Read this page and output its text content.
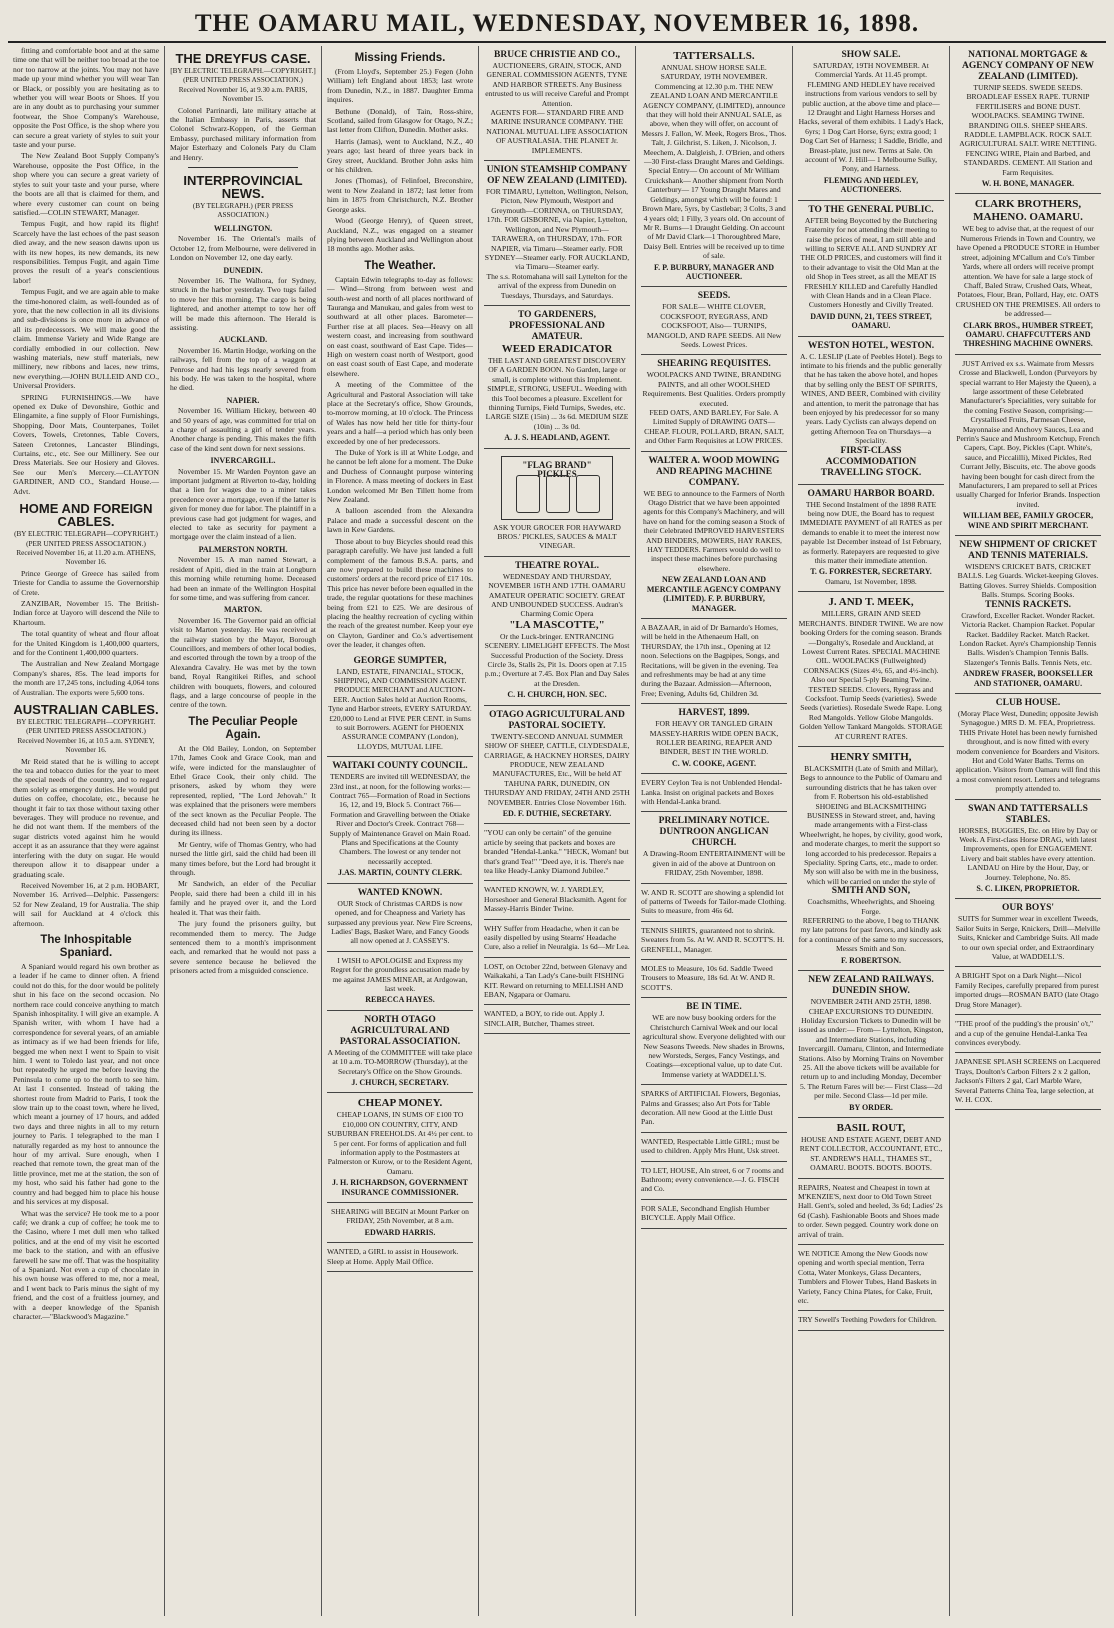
THE OAMARU MAIL, WEDNESDAY, NOVEMBER 16, 1898.

fitting and comfortable boot and at the same time one that will be neither too broad at the toe nor too narrow at the joints. You may not have made up your mind whether you will wear Tan or Black, or possibly you are hesitating as to whether you will wear Boots or Shoes. If you are in any doubt as to purchasing your summer footwear, the Shoe Company's Warehouse, opposite the Post Office, is the shop where you can secure a great variety of styles to suit your taste and your purse.

The New Zealand Boot Supply Company's Warehouse, opposite the Post Office, in the shop where you can secure a great variety of styles to suit your taste and your purse, where the boots are all that is claimed for them, and where every customer can count on being satisfied.—COLIN STEWART, Manager.

Tempus Fugit, and how rapid its flight! Scarcely have the last echoes of the past season died away, and the new season dawns upon us with its new hopes, its new demands, its new responsibilities. Tempus Fugit, and again Time proves the result of a year's conscientious labor!

Tempus Fugit, and we are again able to make the time-honored claim, as well-founded as of yore, that the new collection in all its divisions and sub-divisions is once more in advance of all its predecessors. We will make good the claim. Immense Variety and Wide Range are cordially embodied in our collection. New washing materials, new stuff materials, new millinery, new ribbons and laces, new trims, new everything.—JOHN BULLEID AND CO., Universal Providers.

SPRING FURNISHINGS.—We have opened ex Duke of Devonshire, Gothic and Elingamite, a fine supply of Floor Furnishings, Shopping, Door Mats, Counterpanes, Toilet Covers, Towels, Cretonnes, Table Covers, Sateen Cretonnes, Lancaster Blindings, Curtains, etc., etc. See our Millinery. See our Dress Materials. See our Hosiery and Gloves. See our Men's Mercery.—CLAYTON GARDINER, AND CO., Standard House.—Advt.

HOME AND FOREIGN CABLES.
(BY ELECTRIC TELEGRAPH—COPYRIGHT.) (PER UNITED PRESS ASSOCIATION.) Received November 16, at 11.20 a.m. ATHENS, November 16.

Prince George of Greece has sailed from Trieste for Candia to assume the Governorship of Crete.

ZANZIBAR, November 15. The British-Indian force at Uayoro will descend the Nile to Khartoum.

The total quantity of wheat and flour afloat for the United Kingdom is 1,400,000 quarters, and for the Continent 1,400,000 quarters.

The Australian and New Zealand Mortgage Company's shares, 85s. The lead imports for the month are 17,245 tons, including 4,064 tons of Australian. The exports were 5,600 tons.

AUSTRALIAN CABLES.
BY ELECTRIC TELEGRAPH—COPYRIGHT. (PER UNITED PRESS ASSOCIATION.) Received November 16, at 10.5 a.m. SYDNEY, November 16.

Mr Reid stated that he is willing to accept the tea and tobacco duties for the year to meet the special needs of the country, and to regard them solely as emergency duties. He would put duties on coffee, chocolate, etc., because he thought it fair to tax those without taxing other beverages. They will produce no revenue, and he did not want them. If the members of the sugar districts voted against him he would accept it as an assurance that they were against interfering with the duty on sugar. He would thereupon allow it to disappear under a graduating scale.

Received November 16, at 2 p.m. HOBART, November 16. Arrived—Delphic. Passengers: 52 for New Zealand, 19 for Australia. The ship will sail for Auckland at 4 o'clock this afternoon.

The Inhospitable Spaniard.

A Spaniard would regard his own brother as a leader if he came to dinner often. A friend could not do this, for the door would be politely shut in his face on the second occasion. No northern race could conceive anything to match Spanish inhospitality. I will give an example. A Spanish writer, with whom I have had a correspondence for several years, of an amiable as intimacy as if we had been friends for life, begged me when next I went to Spain to visit him. I went to Toledo last year, and not once but repeatedly he urged me before leaving the Peninsula to come up to the north to see him. At last I consented. Instead of taking the shortest route from Madrid to Paris, I took the slow train up to the coast town, where he lived, which meant a journey of 17 hours, and added two days and three nights in all to my return journey to Paris. I telegraphed to the man I naturally regarded as my host to announce the hour of my arrival. Sure enough, when I reached that remote town, the great man of the little province, met me at the station, the son of my host, who said his father had gone to the country and had begged him to place his house and his services at my disposal.

What was the service? He took me to a poor café; we drank a cup of coffee; he took me to the Casino, where I met dull men who talked politics, and at the end of my visit he escorted me back to the station, and with an effusive farewell he saw me off. That was the hospitality of a Spaniard. Not even a cup of chocolate in his own house was offered to me, nor a meal, and I went back to Paris minus the sight of my friend, and the cost of a fruitless journey, and with a deeper knowledge of the Spanish character.—"Blackwood's Magazine."

THE DREYFUS CASE.
[BY ELECTRIC TELEGRAPH.—COPYRIGHT.] (PER UNITED PRESS ASSOCIATION.) Received November 16, at 9.30 a.m. PARIS, November 15.

Colonel Parrinardi, late military attache at the Italian Embassy in Paris, asserts that Colonel Schwarz-Koppen, of the German Embassy, purchased military information from Major Esterhazy and Colonels Paty du Clam and Henry.

INTERPROVINCIAL NEWS.
(BY TELEGRAPH.) (PER PRESS ASSOCIATION.)
WELLINGTON.

November 16. The Oriental's mails of October 12, from Melbourne, were delivered in London on November 12, one day early.

DUNEDIN.

November 16. The Walhora, for Sydney, struck in the harbor yesterday. Two tugs failed to move her this morning. The cargo is being lightered, and another attempt to tow her off will be made this afternoon. The Herald is assisting.

AUCKLAND.

November 16. Martin Hodge, working on the railways, fell from the top of a waggon at Penrose and had his legs nearly severed from his body. He was taken to the hospital, where he died.

NAPIER.

November 16. William Hickey, between 40 and 50 years of age, was committed for trial on a charge of assaulting a girl of tender years. Another charge is pending. This makes the fifth case of the kind sent down for next sessions.

INVERCARGILL.

November 15. Mr Warden Poynton gave an important judgment at Riverton to-day, holding that a lien for wages due to a miner takes precedence over a mortgage, even if the latter is given for money due for labor. The plaintiff in a previous case had got judgment for wages, and elected to take as security for payment a mortgage over the claim instead of a lien.

PALMERSTON NORTH.

November 15. A man named Stewart, a resident of Apiti, died in the train at Longburn this morning while returning home. Deceased had been an inmate of the Wellington Hospital for some time, and was suffering from cancer.

MARTON.

November 16. The Governor paid an official visit to Marton yesterday. He was received at the railway station by the Mayor, Borough Councillors, and members of other local bodies, and escorted through the town by a troop of the Alexandra Cavalry. He was met by the town band, Royal Rangitikei Rifles, and school children with bouquets, flowers, and coloured flags, and a large concourse of people in the centre of the town.

The Peculiar People Again.

At the Old Bailey, London, on September 17th, James Cook and Grace Cook, man and wife, were indicted for the manslaughter of Ethel Grace Cook, their only child. The prisoners, asked by whom they were represented, replied, "The Lord Jehovah." It was explained that the prisoners were members of the sect known as the Peculiar People. The deceased child had not been seen by a doctor during its illness.

Mr Gentry, wife of Thomas Gentry, who had nursed the little girl, said the child had been ill many times before, but the Lord had brought it through.

Mr Sandwich, an elder of the Peculiar People, said there had been a child ill in his family and he prayed over it, and the Lord healed it. That was their faith.

The jury found the prisoners guilty, but recommended them to mercy. The Judge sentenced them to a month's imprisonment each, and remarked that he would not pass a severe sentence because he believed the prisoners acted from a misguided conscience.

Missing Friends.

(From Lloyd's, September 25.) Fegen (John William) left England about 1853; last wrote from Dunedin, N.Z., in 1887. Daughter Emma inquires.

Bethune (Donald), of Tain, Ross-shire, Scotland, sailed from Glasgow for Otago, N.Z.; last letter from Clifton, Dunedin. Mother asks.

Harris (Jamas), went to Auckland, N.Z., 40 years ago; last heard of three years back in Grey street, Auckland. Brother John asks him or his children.

Jones (Thomas), of Felinfoel, Breconshire, went to New Zealand in 1872; last letter from him in 1875 from Christchurch, N.Z. Brother George asks.

Wood (George Henry), of Queen street, Auckland, N.Z., was engaged on a steamer plying between Auckland and Wellington about 18 months ago. Mother asks.

The Weather.

Captain Edwin telegraphs to-day as follows:— Wind—Strong from between west and south-west and north of all places northward of Tauranga and Manukau, and gales from west to southward at all other places. Barometer—Further rise at all places. Sea—Heavy on all western coast, and increasing from southward on east coast, southward of East Cape. Tides—High on western coast north of Westport, good on east coast south of East Cape, and moderate elsewhere.

A meeting of the Committee of the Agricultural and Pastoral Association will take place at the Secretary's office, Show Grounds, to-morrow morning, at 10 o'clock. The Princess of Wales has now held her title for thirty-four years and a half—a period which has only been exceeded by one of her predecessors.

The Duke of York is ill at White Lodge, and he cannot be left alone for a moment. The Duke and Duchess of Connaught purpose wintering in Florence. A mass meeting of dockers in East London welcomed Mr Ben Tillett home from New Zealand.

A balloon ascended from the Alexandra Palace and made a successful descent on the lawn in Kew Gardens.

Those about to buy Bicycles should read this paragraph carefully. We have just landed a full complement of the famous B.S.A. parts, and are now prepared to build these machines to customers' orders at the record price of £17 10s. This price has never before been equalled in the trade, the regular quotations for these machines being from £21 to £25. We are desirous of placing the healthy recreation of cycling within the reach of the greatest number. Keep your eye on Clayton, Gardiner and Co.'s advertisement over the leader, it changes often.

GEORGE SUMPTER,
LAND, ESTATE, FINANCIAL, STOCK, SHIPPING, AND COMMISSION AGENT. PRODUCE MERCHANT and AUCTION-EER. Auction Sales held at Auction Rooms, Tyne and Harbor streets, EVERY SATURDAY. £20,000 to Lend at FIVE PER CENT. in Sums to suit Borrowers. AGENT for PHOENIX ASSURANCE COMPANY (London), LLOYDS, MUTUAL LIFE.
WAITAKI COUNTY COUNCIL.
TENDERS are invited till WEDNESDAY, the 23rd inst., at noon, for the following works:— Contract 765—Formation of Road in Sections 16, 12, and 19, Block 5. Contract 766—Formation and Gravelling between the Otiake River and Doctor's Creek. Contract 768—Supply of Maintenance Gravel on Main Road. Plans and Specifications at the County Chambers. The lowest or any tender not necessarily accepted.
J.AS. MARTIN, COUNTY CLERK.
WANTED KNOWN.
OUR Stock of Christmas CARDS is now opened, and for Cheapness and Variety has surpassed any previous year. New Fire Screens, Ladies' Bags, Basket Ware, and Fancy Goods all now opened at J. CASSEY'S.
I WISH to APOLOGISE and Express my Regret for the groundless accusation made by me against JAMES MINEAR, at Ardgowan, last week.
REBECCA HAYES.
NORTH OTAGO AGRICULTURAL AND PASTORAL ASSOCIATION.
A Meeting of the COMMITTEE will take place at 10 a.m. TO-MORROW (Thursday), at the Secretary's Office on the Show Grounds.
J. CHURCH, SECRETARY.
CHEAP MONEY.
CHEAP LOANS, IN SUMS OF £100 TO £10,000 ON COUNTRY, CITY, AND SUBURBAN FREEHOLDS. At 4½ per cent. to 5 per cent. For forms of application and full information apply to the Postmasters at Palmerston or Kurow, or to the Resident Agent, Oamaru.
J. H. RICHARDSON, GOVERNMENT INSURANCE COMMISSIONER.
SHEARING will BEGIN at Mount Parker on FRIDAY, 25th November, at 8 a.m.
EDWARD HARRIS.
WANTED, a GIRL to assist in Housework. Sleep at Home. Apply Mail Office.
BRUCE CHRISTIE AND CO.,
AUCTIONEERS, GRAIN, STOCK, AND GENERAL COMMISSION AGENTS, TYNE AND HARBOR STREETS. Any Business entrusted to us will receive Careful and Prompt Attention.
AGENTS FOR— STANDARD FIRE AND MARINE INSURANCE COMPANY. THE NATIONAL MUTUAL LIFE ASSOCIATION OF AUSTRALASIA. THE PLANET Jr. IMPLEMENTS.
UNION STEAMSHIP COMPANY OF NEW ZEALAND (LIMITED).
FOR TIMARU, Lyttelton, Wellington, Nelson, Picton, New Plymouth, Westport and Greymouth—CORINNA, on THURSDAY, 17th. FOR GISBORNE, via Napier, Lyttelton, Wellington, and New Plymouth—TARAWERA, on THURSDAY, 17th. FOR NAPIER, via Timaru—Steamer early. FOR SYDNEY—Steamer early. FOR AUCKLAND, via Timaru—Steamer early.
The s.s. Rotomahana will sail Lyttelton for the arrival of the express from Dunedin on Tuesdays, Thursdays, and Saturdays.
TO GARDENERS, PROFESSIONAL AND AMATEUR.
WEED ERADICATOR
THE LAST AND GREATEST DISCOVERY OF A GARDEN BOON. No Garden, large or small, is complete without this Implement. SIMPLE, STRONG, USEFUL. Weeding with this Tool becomes a pleasure. Excellent for thinning Turnips, Field Turnips, Swedes, etc. LARGE SIZE (15in) ... 3s 6d. MEDIUM SIZE (10in) ... 3s 0d.
A. J. S. HEADLAND, AGENT.
"FLAG BRAND" PICKLES
ASK YOUR GROCER FOR HAYWARD BROS.' PICKLES, SAUCES & MALT VINEGAR.
THEATRE ROYAL.
WEDNESDAY AND THURSDAY, NOVEMBER 16TH AND 17TH. OAMARU AMATEUR OPERATIC SOCIETY. GREAT AND UNBOUNDED SUCCESS. Audran's Charming Comic Opera
"LA MASCOTTE,"
Or the Luck-bringer. ENTRANCING SCENERY. LIMELIGHT EFFECTS. The Most Successful Production of the Society. Dress Circle 3s, Stalls 2s, Pit 1s. Doors open at 7.15 p.m.; Overture at 7.45. Box Plan and Day Sales at the Dresden.
C. H. CHURCH, HON. SEC.
OTAGO AGRICULTURAL AND PASTORAL SOCIETY.
TWENTY-SECOND ANNUAL SUMMER SHOW OF SHEEP, CATTLE, CLYDESDALE, CARRIAGE, & HACKNEY HORSES, DAIRY PRODUCE, NEW ZEALAND MANUFACTURES, Etc., Will be held AT TAHUNA PARK, DUNEDIN, ON THURSDAY AND FRIDAY, 24TH AND 25TH NOVEMBER. Entries Close November 16th.
ED. F. DUTHIE, SECRETARY.
"YOU can only be certain" of the genuine article by seeing that packets and boxes are branded "Hendal-Lanka." "HECK, Woman! but that's grand Tea!" "Deed aye, it is. There's nae tea like Heady-Lanky Diamond Jubilee."
WANTED KNOWN, W. J. YARDLEY, Horseshoer and General Blacksmith. Agent for Massey-Harris Binder Twine.
WHY Suffer from Headache, when it can be easily dispelled by using Stearns' Headache Cure, also a relief in Neuralgia. 1s 6d—Mr Lea.
LOST, on October 22nd, between Glenavy and Waikakahi, a Tan Lady's Cane-built FISHING KIT. Reward on returning to MELLISH AND EBAN, Ngapara or Oamaru.
WANTED, a BOY, to ride out. Apply J. SINCLAIR, Butcher, Thames street.
TATTERSALLS.
ANNUAL SHOW HORSE SALE. SATURDAY, 19TH NOVEMBER. Commencing at 12.30 p.m. THE NEW ZEALAND LOAN AND MERCANTILE AGENCY COMPANY, (LIMITED), announce that they will hold their ANNUAL SALE, as above, when they will offer, on account of Messrs J. Fallon, W. Meek, Rogers Bros., Thos. Talt, J. Gilchrist, S. Liken, J. Nicolson, J. Meechem, A. Dalgleish, J. O'Brien, and others—30 First-class Draught Mares and Geldings.
Special Entry— On account of Mr William Cruickshank— Another shipment from North Canterbury— 17 Young Draught Mares and Geldings, amongst which will be found: 1 Brown Mare, 5yrs, by Castlebar; 3 Colts, 3 and 4 years old; 1 Filly, 3 years old. On account of Mr R. Burns—1 Draught Gelding. On account of Mr David Clark—1 Thoroughbred Mare, Daisy Bell. Entries will be received up to time of sale.
F. P. BURBURY, MANAGER AND AUCTIONEER.
SEEDS.
FOR SALE— WHITE CLOVER, COCKSFOOT, RYEGRASS, AND COCKSFOOT, Also— TURNIPS, MANGOLD, AND RAPE SEEDS. All New Seeds. Lowest Prices.
SHEARING REQUISITES.
WOOLPACKS AND TWINE, BRANDING PAINTS, and all other WOOLSHED Requirements. Best Qualities. Orders promptly executed.
FEED OATS, AND BARLEY, For Sale. A Limited Supply of DRAWING OATS—CHEAP. FLOUR, POLLARD, BRAN, SALT, and Other Farm Requisites at LOW PRICES.
WALTER A. WOOD MOWING AND REAPING MACHINE COMPANY.
WE BEG to announce to the Farmers of North Otago District that we have been appointed agents for this Company's Machinery, and will have on hand for the coming season a Stock of their Celebrated IMPROVED HARVESTERS AND BINDERS, MOWERS, HAY RAKES, HAY TEDDERS. Farmers would do well to inspect these machines before purchasing elsewhere.
NEW ZEALAND LOAN AND MERCANTILE AGENCY COMPANY (LIMITED). F. P. BURBURY, MANAGER.
A BAZAAR, in aid of Dr Barnardo's Homes, will be held in the Athenaeum Hall, on THURSDAY, the 17th inst., Opening at 12 noon. Selections on the Bagpipes, Songs, and Recitations, will be given in the evening. Tea and refreshments may be had at any time during the Bazaar. Admission—Afternoon, Free; Evening, Adults 6d, Children 3d.
HARVEST, 1899.
FOR HEAVY OR TANGLED GRAIN MASSEY-HARRIS WIDE OPEN BACK, ROLLER BEARING, REAPER AND BINDER, BEST IN THE WORLD.
C. W. COOKE, AGENT.
EVERY Ceylon Tea is not Unblended Hendal-Lanka. Insist on original packets and Boxes with Hendal-Lanka brand.
PRELIMINARY NOTICE. DUNTROON ANGLICAN CHURCH.
A Drawing-Room ENTERTAINMENT will be given in aid of the above at Duntroon on FRIDAY, 25th November, 1898.
W. AND R. SCOTT are showing a splendid lot of patterns of Tweeds for Tailor-made Clothing. Suits to measure, from 46s 6d.
TENNIS SHIRTS, guaranteed not to shrink. Sweaters from 5s. At W. AND R. SCOTT'S. H. GRENFELL, Manager.
MOLES to Measure, 10s 6d. Saddle Tweed Trousers to Measure, 18s 6d. At W. AND R. SCOTT'S.
BE IN TIME.
WE are now busy booking orders for the Christchurch Carnival Week and our local agricultural show. Everyone delighted with our New Seasons Tweeds. New shades in Browns, new Worsteds, Serges, Fancy Vestings, and Coatings—exceptional value, up to date Cut. Immense variety at WADDELL'S.
SPARKS of ARTIFICIAL Flowers, Begonias, Palms and Grasses; also Art Pots for Table decoration. All new Good at the Little Dust Pan.
WANTED, Respectable Little GIRL; must be used to children. Apply Mrs Hunt, Usk street.
TO LET, HOUSE, Aln street, 6 or 7 rooms and Bathroom; every convenience.—J. G. FISCH and Co.
FOR SALE, Secondhand English Humber BICYCLE. Apply Mail Office.
SHOW SALE.
SATURDAY, 19TH NOVEMBER. At Commercial Yards. At 11.45 prompt.
FLEMING AND HEDLEY have received instructions from various vendors to sell by public auction, at the above time and place— 12 Draught and Light Harness Horses and Hacks, several of them exhibits. 1 Lady's Hack, 6yrs; 1 Dog Cart Horse, 6yrs; extra good; 1 Dog Cart Set of Harness; 1 Saddle, Bridle, and Breast-plate, just new. Terms at Sale. On account of W. J. Hill— 1 Melbourne Sulky, Pony, and Harness.
FLEMING AND HEDLEY, AUCTIONEERS.
TO THE GENERAL PUBLIC.
AFTER being Boycotted by the Butchering Fraternity for not attending their meeting to raise the prices of meat, I am still able and willing to SERVE ALL AND SUNDRY AT THE OLD PRICES, and customers will find it to their advantage to visit the Old Man at the old Shop in Tees street, as all the MEAT IS FRESHLY KILLED and Carefully Handled with Clean Hands and in a Clean Place. Customers Honestly and Civilly Treated.
DAVID DUNN, 21, TEES STREET, OAMARU.
WESTON HOTEL, WESTON.
A. C. LESLIP (Late of Peebles Hotel). Begs to intimate to his friends and the public generally that he has taken the above hotel, and hopes that by selling only the BEST OF SPIRITS, WINES, AND BEER, Combined with civility and attention, to merit the patronage that has been enjoyed by his predecessor for so many years. Lady Cyclists can always depend on getting Afternoon Tea on Thursdays—a Speciality.
FIRST-CLASS ACCOMMODATION TRAVELLING STOCK.
OAMARU HARBOR BOARD.
THE Second Instalment of the 1898 RATE being now DUE, the Board has to request IMMEDIATE PAYMENT of all RATES as per demands to enable it to meet the interest now payable 1st December instead of 1st February, as formerly. Ratepayers are requested to give this matter their immediate attention.
T. G. FORRESTER, SECRETARY.
Oamaru, 1st November, 1898.
J. AND T. MEEK,
MILLERS, GRAIN AND SEED MERCHANTS. BINDER TWINE. We are now booking Orders for the coming season. Brands—Dongalty's, Rosedale and Auckland, at Lowest Current Rates. SPECIAL MACHINE OIL. WOOLPACKS (Fullweighted) CORNSACKS (Sizes 4½, 65, and 4½-inch). Also our Special 5-ply Beaming Twine. TESTED SEEDS. Clovers, Ryegrass and Cocksfoot. Turnip Seeds (varieties). Swede Seeds (varieties). Rosedale Swede Rape. Long Red Mangolds. Yellow Globe Mangolds. Golden Yellow Tankard Mangolds. STORAGE AT CURRENT RATES.
HENRY SMITH,
BLACKSMITH (Late of Smith and Millar), Begs to announce to the Public of Oamaru and surrounding districts that he has taken over from F. Robertson his old-established SHOEING and BLACKSMITHING BUSINESS in Steward street, and, having made arrangements with a First-class Wheelwright, he hopes, by civility, good work, and moderate charges, to merit the support so long accorded to his predecessor. Repairs a Speciality. Spring Carts, etc., made to order. My son will also be with me in the business, which will be carried on under the style of
SMITH AND SON,
Coachsmiths, Wheelwrights, and Shoeing Forge.
REFERRING to the above, I beg to THANK my late patrons for past favors, and kindly ask for a continuance of the same to my successors, Messrs Smith and Son.
F. ROBERTSON.
NEW ZEALAND RAILWAYS. DUNEDIN SHOW.
NOVEMBER 24TH AND 25TH, 1898. CHEAP EXCURSIONS TO DUNEDIN. Holiday Excursion Tickets to Dunedin will be issued as under:— From— Lyttelton, Kingston, and Intermediate Stations, including Invercargill. Oamaru, Clinton, and Intermediate Stations. Also by Morning Trains on November 25. All the above tickets will be available for return up to and including Monday, December 5. The Return Fares will be:— First Class—2d per mile. Second Class—1d per mile.
BY ORDER.
BASIL ROUT,
HOUSE AND ESTATE AGENT, DEBT AND RENT COLLECTOR, ACCOUNTANT, ETC., ST. ANDREW'S HALL, THAMES ST., OAMARU. BOOTS. BOOTS. BOOTS.
REPAIRS, Neatest and Cheapest in town at M'KENZIE'S, next door to Old Town Street Hall. Gent's, soled and heeled, 3s 6d; Ladies' 2s 6d (Cash). Fashionable Boots and Shoes made to order. Sewn pegged. Country work done on arrival of train.
WE NOTICE Among the New Goods now opening and worth special mention, Terra Cotta, Water Monkeys, Glass Decanters, Tumblers and Flower Tubes, Hand Baskets in Variety, Fancy China Plates, for Cake, Fruit, etc.
TRY Sewell's Teething Powders for Children.
NATIONAL MORTGAGE & AGENCY COMPANY OF NEW ZEALAND (LIMITED).
TURNIP SEEDS. SWEDE SEEDS. BROADLEAF ESSEX RAPE. TURNIP FERTILISERS and BONE DUST. WOOLPACKS. SEAMING TWINE. BRANDING OILS. SHEEP SHEARS. RADDLE. LAMPBLACK. ROCK SALT. AGRICULTURAL SALT. WIRE NETTING. FENCING WIRE, Plain and Barbed, and STANDARDS. CEMENT. All Station and Farm Requisites.
W. H. BONE, MANAGER.
CLARK BROTHERS, MAHENO. OAMARU.
WE beg to advise that, at the request of our Numerous Friends in Town and Country, we have Opened a PRODUCE STORE in Humber street, adjoining M'Callum and Co's Timber Yards, where all orders will receive prompt attention. We have for sale a large stock of Chaff, Baled Straw, Crushed Oats, Wheat, Potatoes, Flour, Bran, Pollard, Hay, etc. OATS CRUSHED ON THE PREMISES. All orders to be addressed—
CLARK BROS., HUMBER STREET, OAMARU. CHAFFCUTTERS AND THRESHING MACHINE OWNERS.
JUST Arrived ex s.s. Waimate from Messrs Crosse and Blackwell, London (Purveyors by special warrant to Her Majesty the Queen), a large assortment of these Celebrated Manufacturer's Specialities, very suitable for the coming Festive Season, comprising:— Crystallised Fruits, Parmesan Cheese, Mayonnaise and Anchovy Sauces, Lea and Perrin's Sauce and Mushroom Ketchup, French Capers, Capt. Boy, Pickles (Capt. White's, sauce, and Piccalilli), Mixed Pickles, Red Currant Jelly, Biscuits, etc. The above goods having been bought for cash direct from the Manufacturers, I am prepared to sell at Prices usually Charged for Inferior Brands. Inspection invited.
WILLIAM BEE, FAMILY GROCER, WINE AND SPIRIT MERCHANT.
NEW SHIPMENT OF CRICKET AND TENNIS MATERIALS.
WISDEN'S CRICKET BATS, CRICKET BALLS. Leg Guards. Wicket-keeping Gloves. Batting Gloves. Surrey Shields. Composition Balls. Stumps. Scoring Books.
TENNIS RACKETS.
Crawford, Exceller Racket. Wonder Racket. Victoria Racket. Champion Racket. Popular Racket. Baddiley Racket. Match Racket. London Racket. Ayre's Championship Tennis Balls. Wisden's Champion Tennis Balls. Slazenger's Tennis Balls. Tennis Nets, etc.
ANDREW FRASER, BOOKSELLER AND STATIONER, OAMARU.
CLUB HOUSE.
(Moray Place West, Dunedin; opposite Jewish Synagogue.) MRS D. M. FEA, Proprietress. THIS Private Hotel has been newly furnished throughout, and is now fitted with every modern convenience for Boarders and Visitors. Hot and Cold Water Baths. Terms on application. Visitors from Oamaru will find this a most convenient resort. Letters and telegrams promptly attended to.
SWAN AND TATTERSALLS STABLES.
HORSES, BUGGIES, Etc. on Hire by Day or Week. A First-class Horse DRAG, with latest Improvements, open for ENGAGEMENT. Livery and bait stables have every attention. LANDAU on Hire by the Hour, Day, or Journey. Telephone, No. 85.
S. C. LIKEN, PROPRIETOR.
OUR BOYS'
SUITS for Summer wear in excellent Tweeds, Sailor Suits in Serge, Knickers, Drill—Melville Suits, Knicker and Cambridge Suits. All made to our own special order, and Extraordinary Value, at WADDELL'S.
A BRIGHT Spot on a Dark Night—Nicol Family Recipes, carefully prepared from purest imported drugs—ROSMAN BATO (late Otago Drug Store Manager).
"THE proof of the pudding's the prousin' o't," and a cup of the genuine Hendal-Lanka Tea convinces everybody.
JAPANESE SPLASH SCREENS on Lacquered Trays, Doulton's Carbon Filters 2 x 2 gallon, Jackson's Filters 2 gal, Carl Marble Ware, Several Patterns China Tea, large selection, at W. H. COX.
